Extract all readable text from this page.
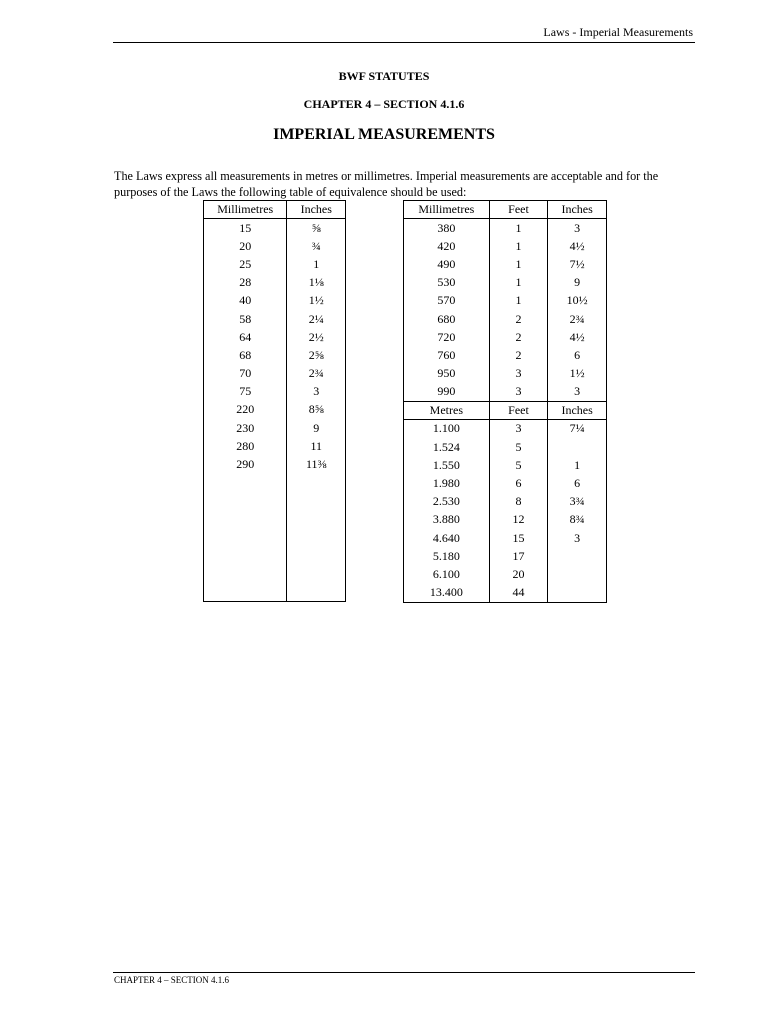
Laws - Imperial Measurements
BWF STATUTES
CHAPTER 4 – SECTION 4.1.6
IMPERIAL MEASUREMENTS

The Laws express all measurements in metres or millimetres. Imperial measurements are acceptable and for the purposes of the Laws the following table of equivalence should be used:

Millimetres	Inches
15	⅝
20	¾
25	1
28	1⅛
40	1½
58	2¼
64	2½
68	2⅝
70	2¾
75	3
220	8⅝
230	9
280	11
290	11⅜

Millimetres	Feet	Inches
380	1	3
420	1	4½
490	1	7½
530	1	9
570	1	10½
680	2	2¾
720	2	4½
760	2	6
950	3	1½
990	3	3
Metres	Feet	Inches
1.100	3	7¼
1.524	5	
1.550	5	1
1.980	6	6
2.530	8	3¾
3.880	12	8¾
4.640	15	3
5.180	17	
6.100	20	
13.400	44	
CHAPTER 4 – SECTION 4.1.6
